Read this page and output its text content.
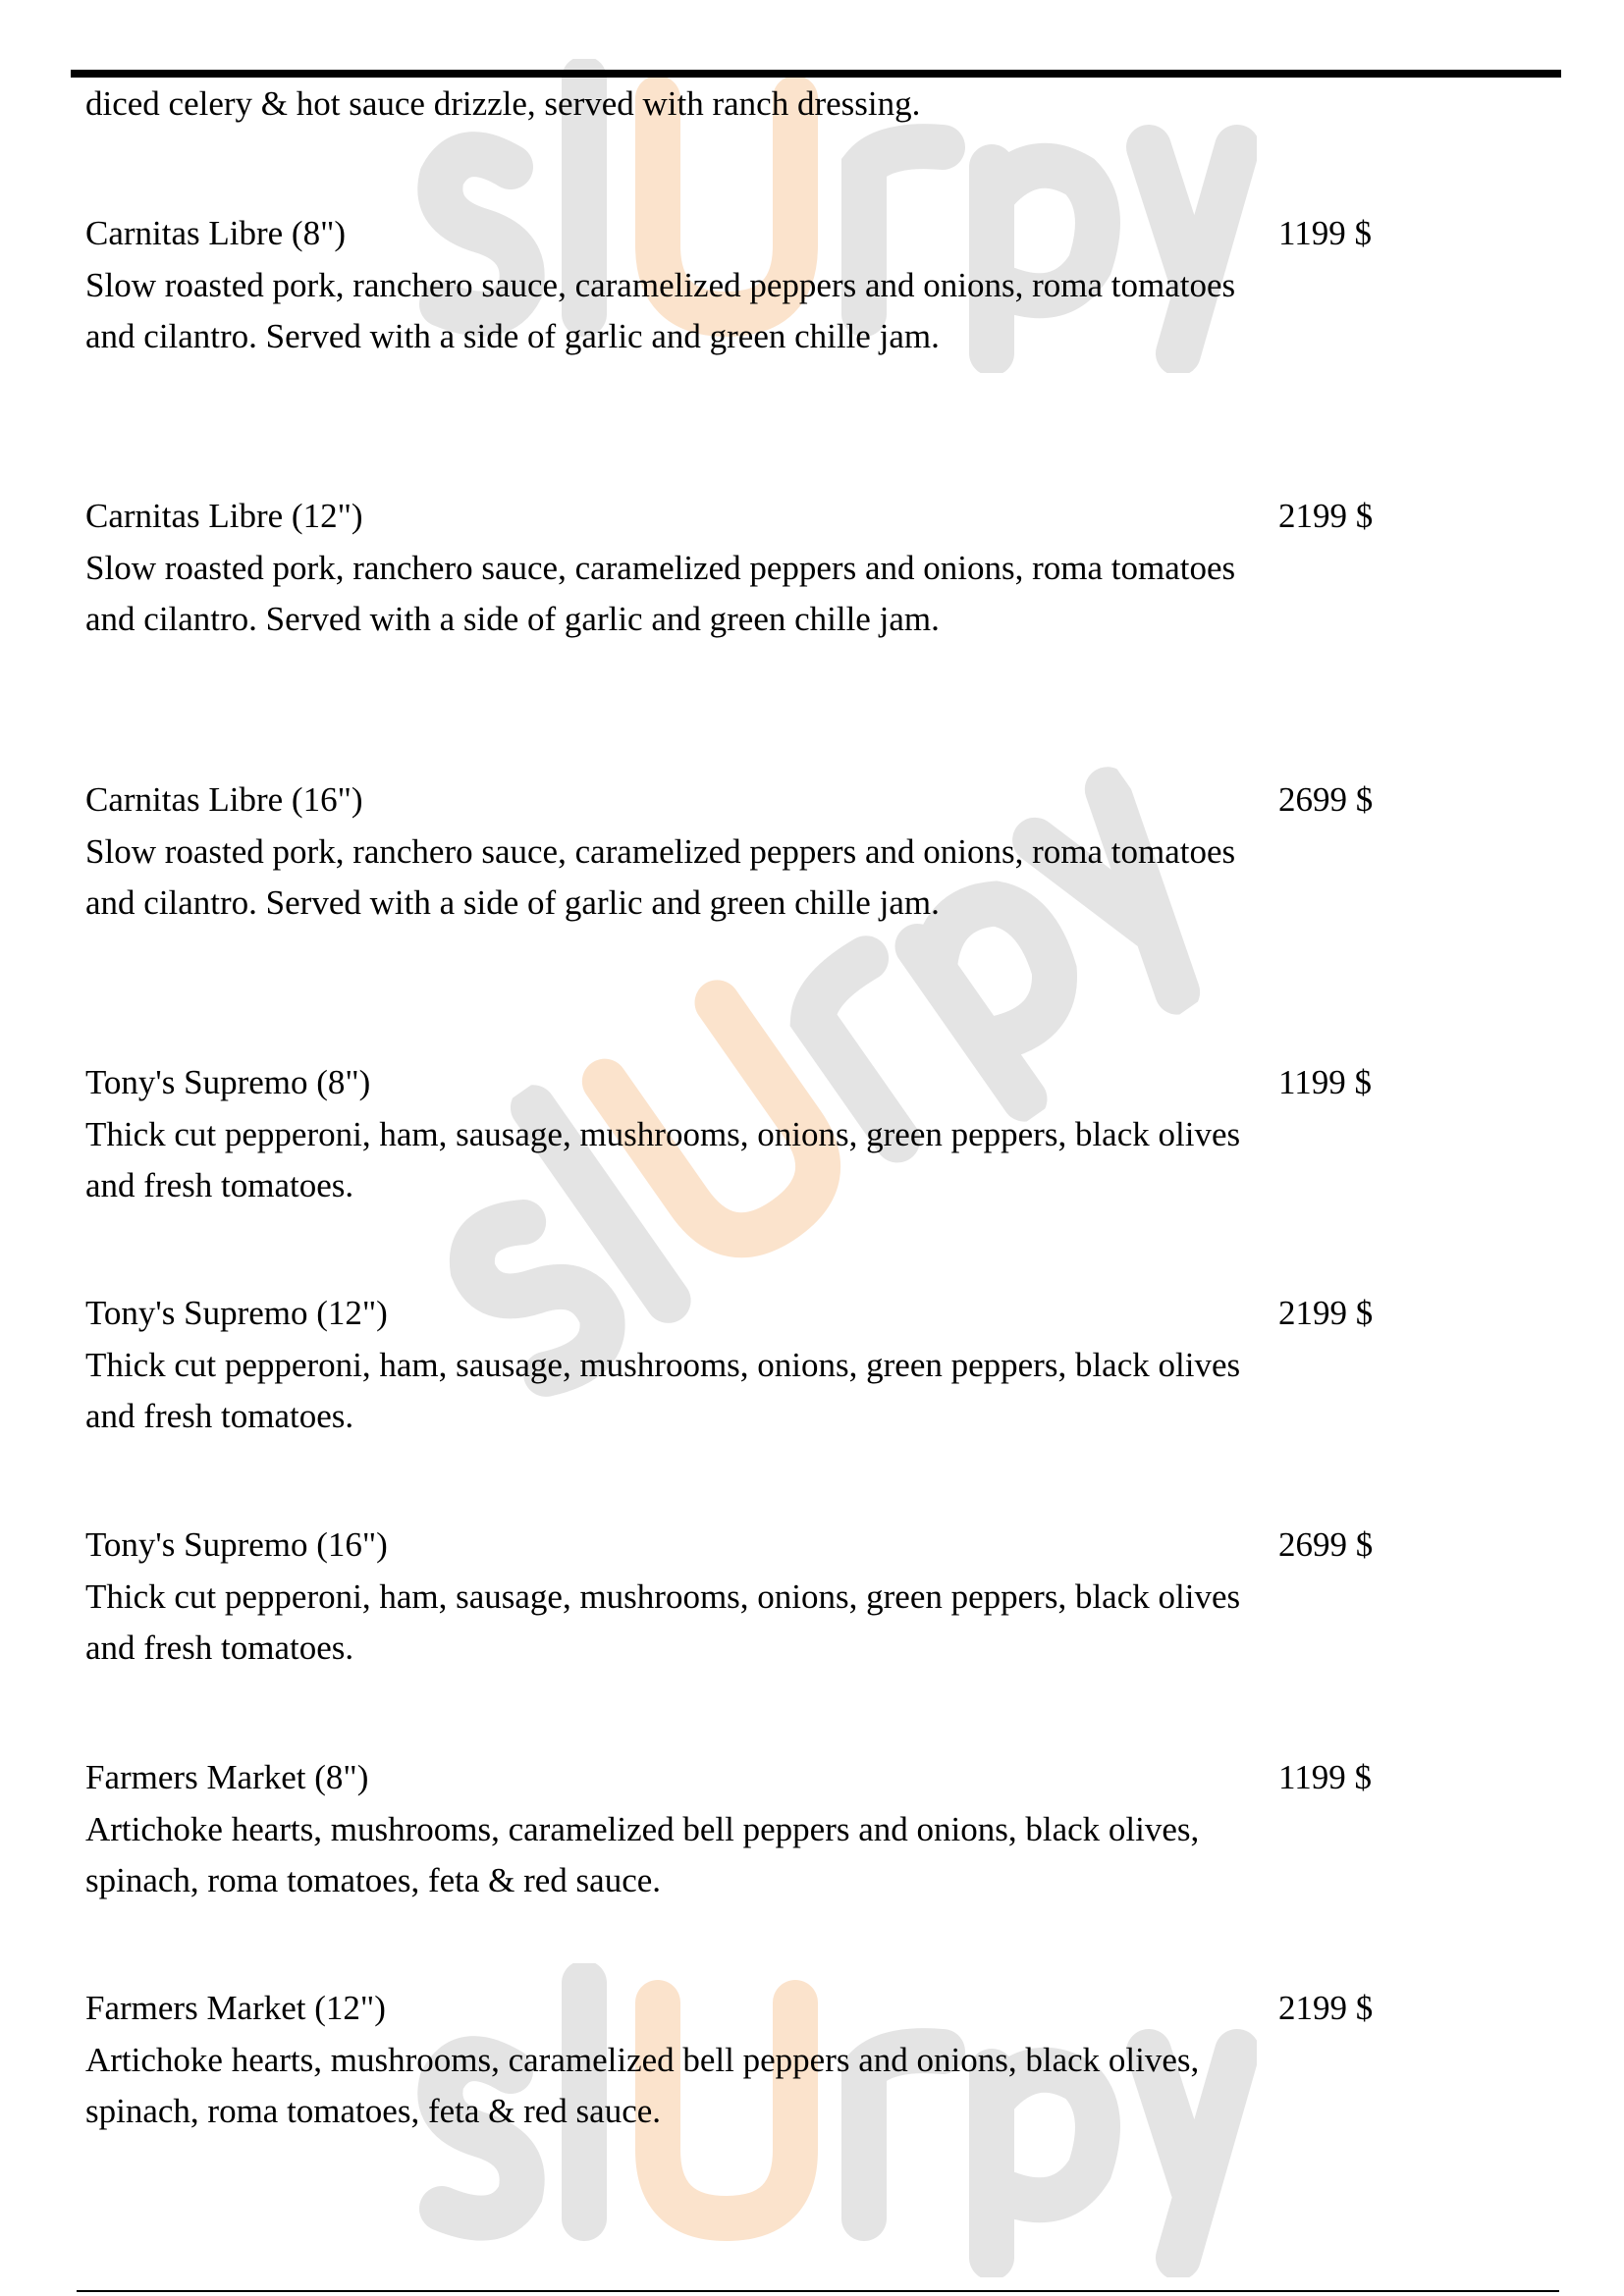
diced celery & hot sauce drizzle, served with ranch dressing.
Carnitas Libre (8")
Slow roasted pork, ranchero sauce, caramelized peppers and onions, roma tomatoes and cilantro. Served with a side of garlic and green chille jam.
1199 $
Carnitas Libre (12")
Slow roasted pork, ranchero sauce, caramelized peppers and onions, roma tomatoes and cilantro. Served with a side of garlic and green chille jam.
2199 $
Carnitas Libre (16")
Slow roasted pork, ranchero sauce, caramelized peppers and onions, roma tomatoes and cilantro. Served with a side of garlic and green chille jam.
2699 $
Tony's Supremo (8")
Thick cut pepperoni, ham, sausage, mushrooms, onions, green peppers, black olives and fresh tomatoes.
1199 $
Tony's Supremo (12")
Thick cut pepperoni, ham, sausage, mushrooms, onions, green peppers, black olives and fresh tomatoes.
2199 $
Tony's Supremo (16")
Thick cut pepperoni, ham, sausage, mushrooms, onions, green peppers, black olives and fresh tomatoes.
2699 $
Farmers Market (8")
Artichoke hearts, mushrooms, caramelized bell peppers and onions, black olives, spinach, roma tomatoes, feta & red sauce.
1199 $
Farmers Market (12")
Artichoke hearts, mushrooms, caramelized bell peppers and onions, black olives, spinach, roma tomatoes, feta & red sauce.
2199 $
